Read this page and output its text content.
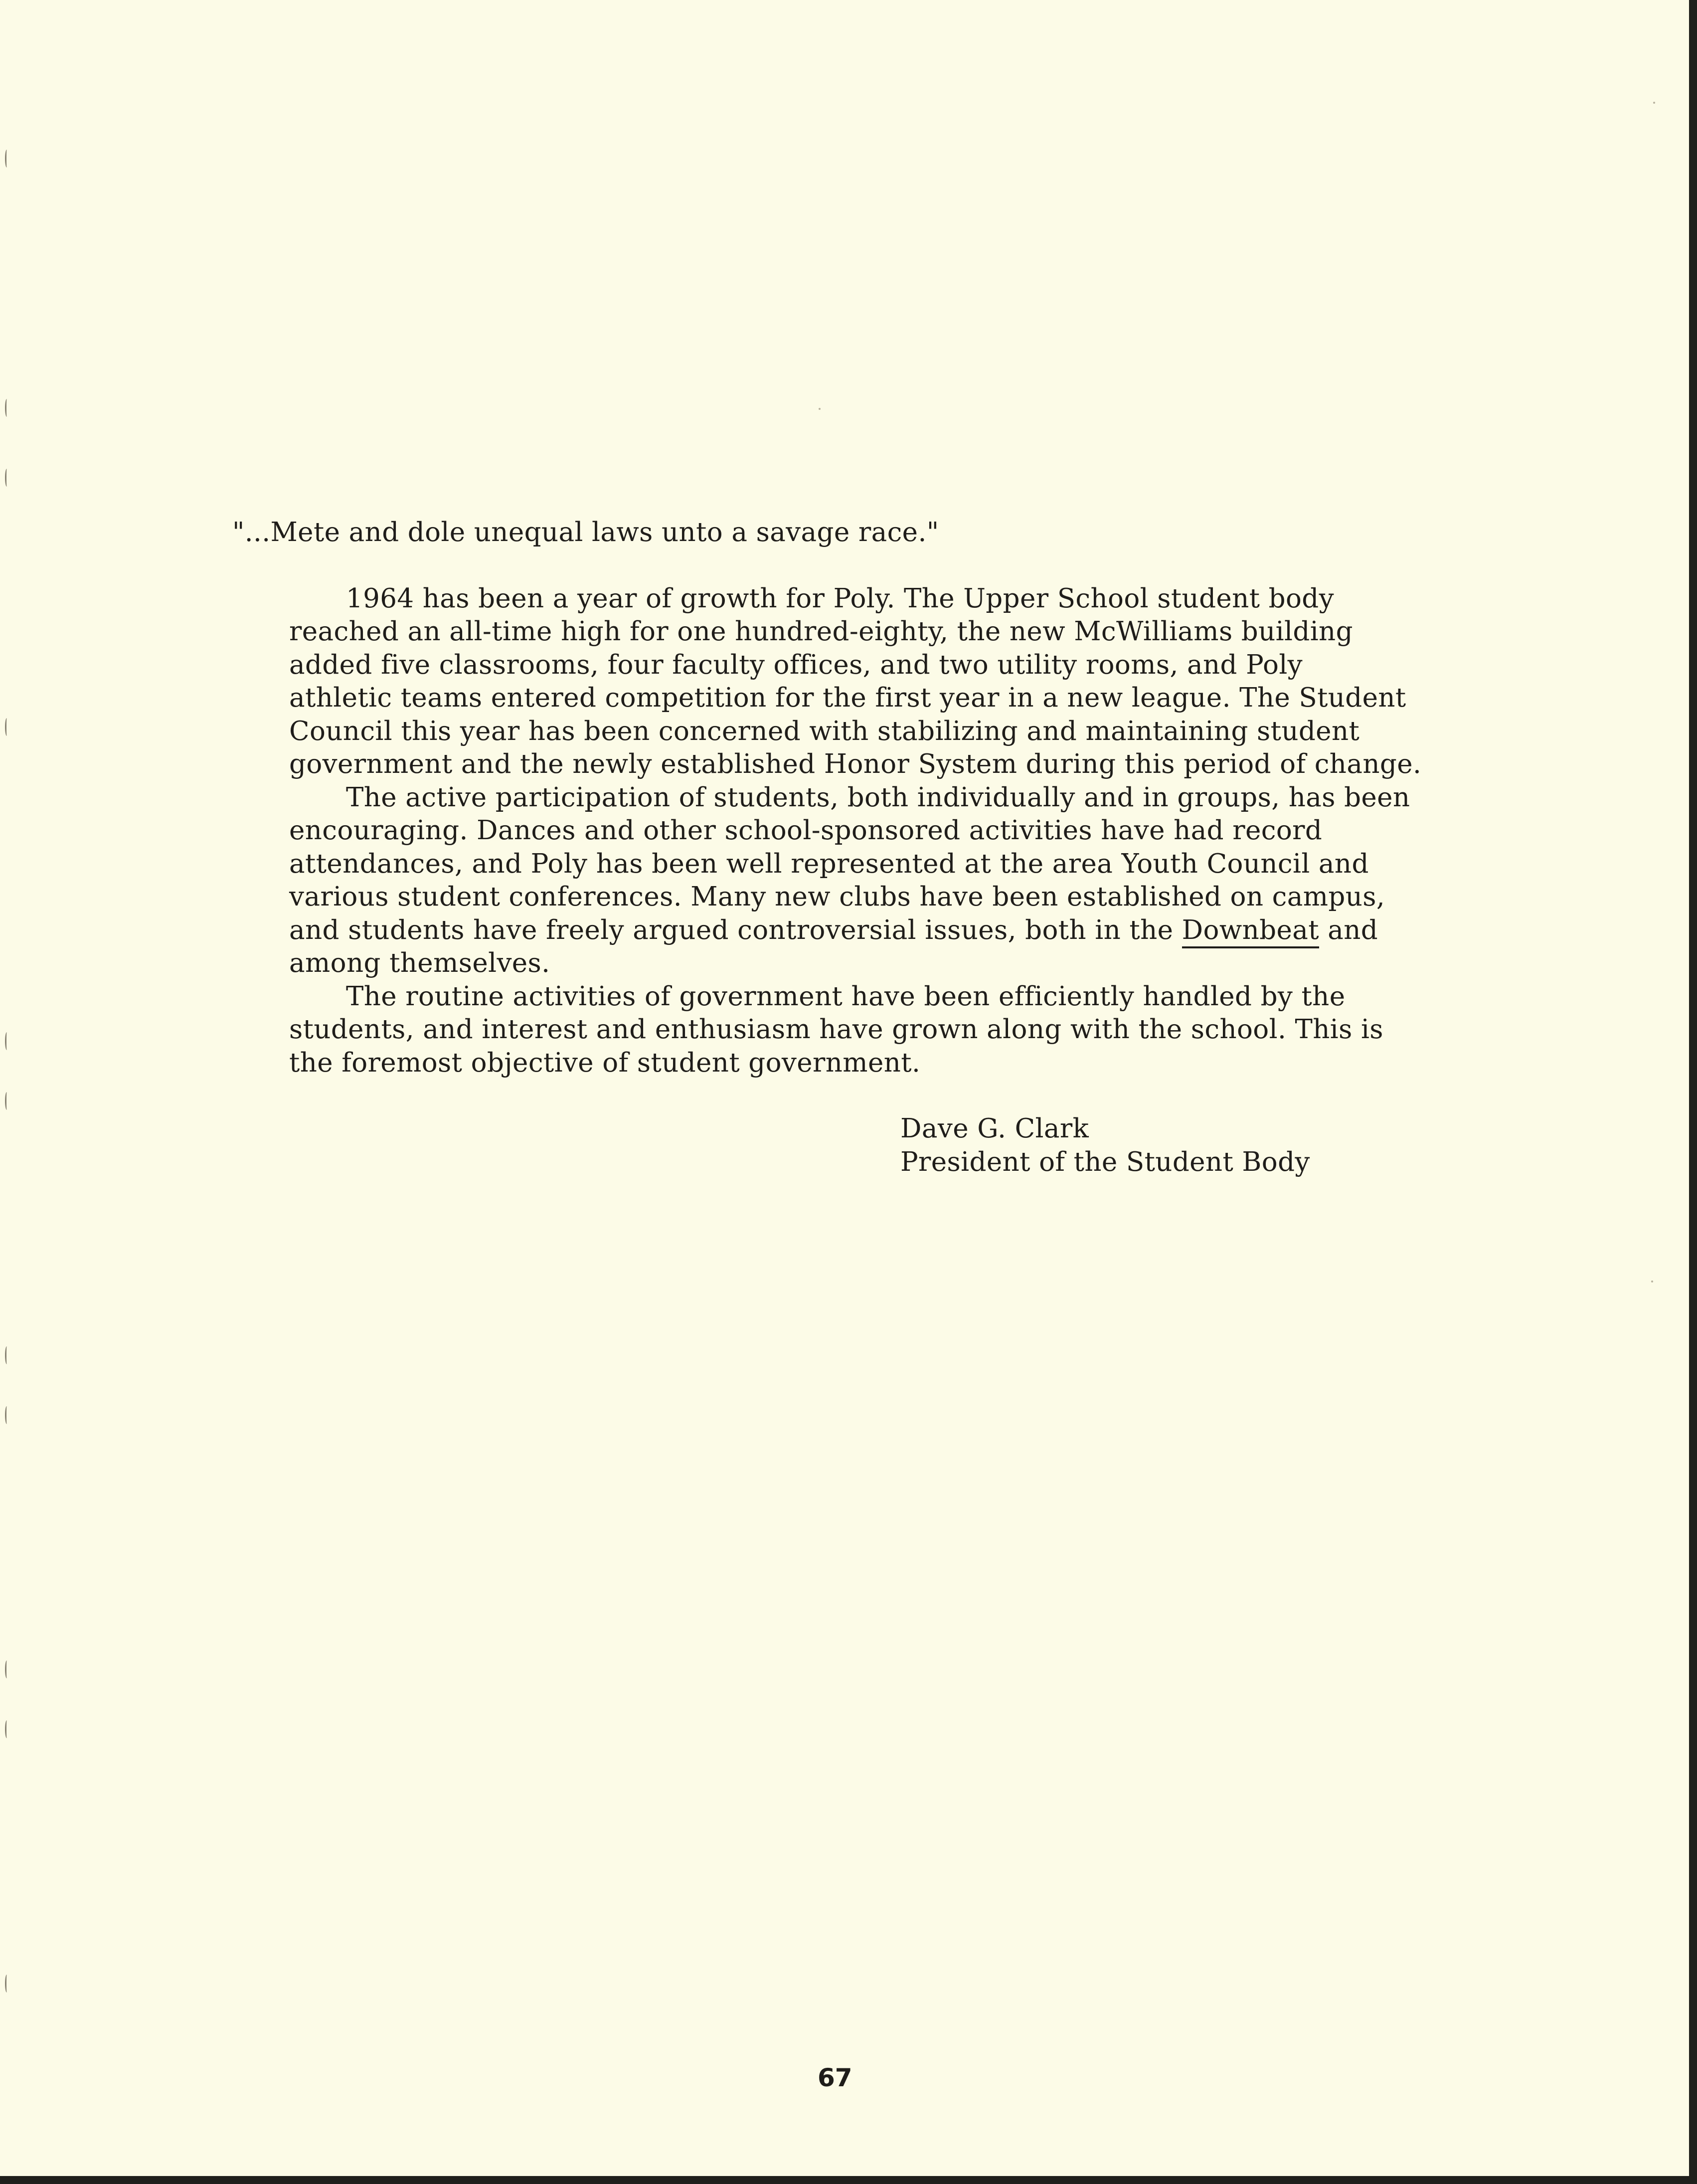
"...Mete and dole unequal laws unto a savage race."
1964 has been a year of growth for Poly. The Upper School student body
reached an all-time high for one hundred-eighty, the new McWilliams building
added five classrooms, four faculty offices, and two utility rooms, and Poly
athletic teams entered competition for the first year in a new league. The Student
Council this year has been concerned with stabilizing and maintaining student
government and the newly established Honor System during this period of change.
The active participation of students, both individually and in groups, has been
encouraging. Dances and other school-sponsored activities have had record
attendances, and Poly has been well represented at the area Youth Council and
various student conferences. Many new clubs have been established on campus,
and students have freely argued controversial issues, both in the Downbeat and
among themselves.
The routine activities of government have been efficiently handled by the
students, and interest and enthusiasm have grown along with the school. This is
the foremost objective of student government.
Dave G. Clark
President of the Student Body
67
